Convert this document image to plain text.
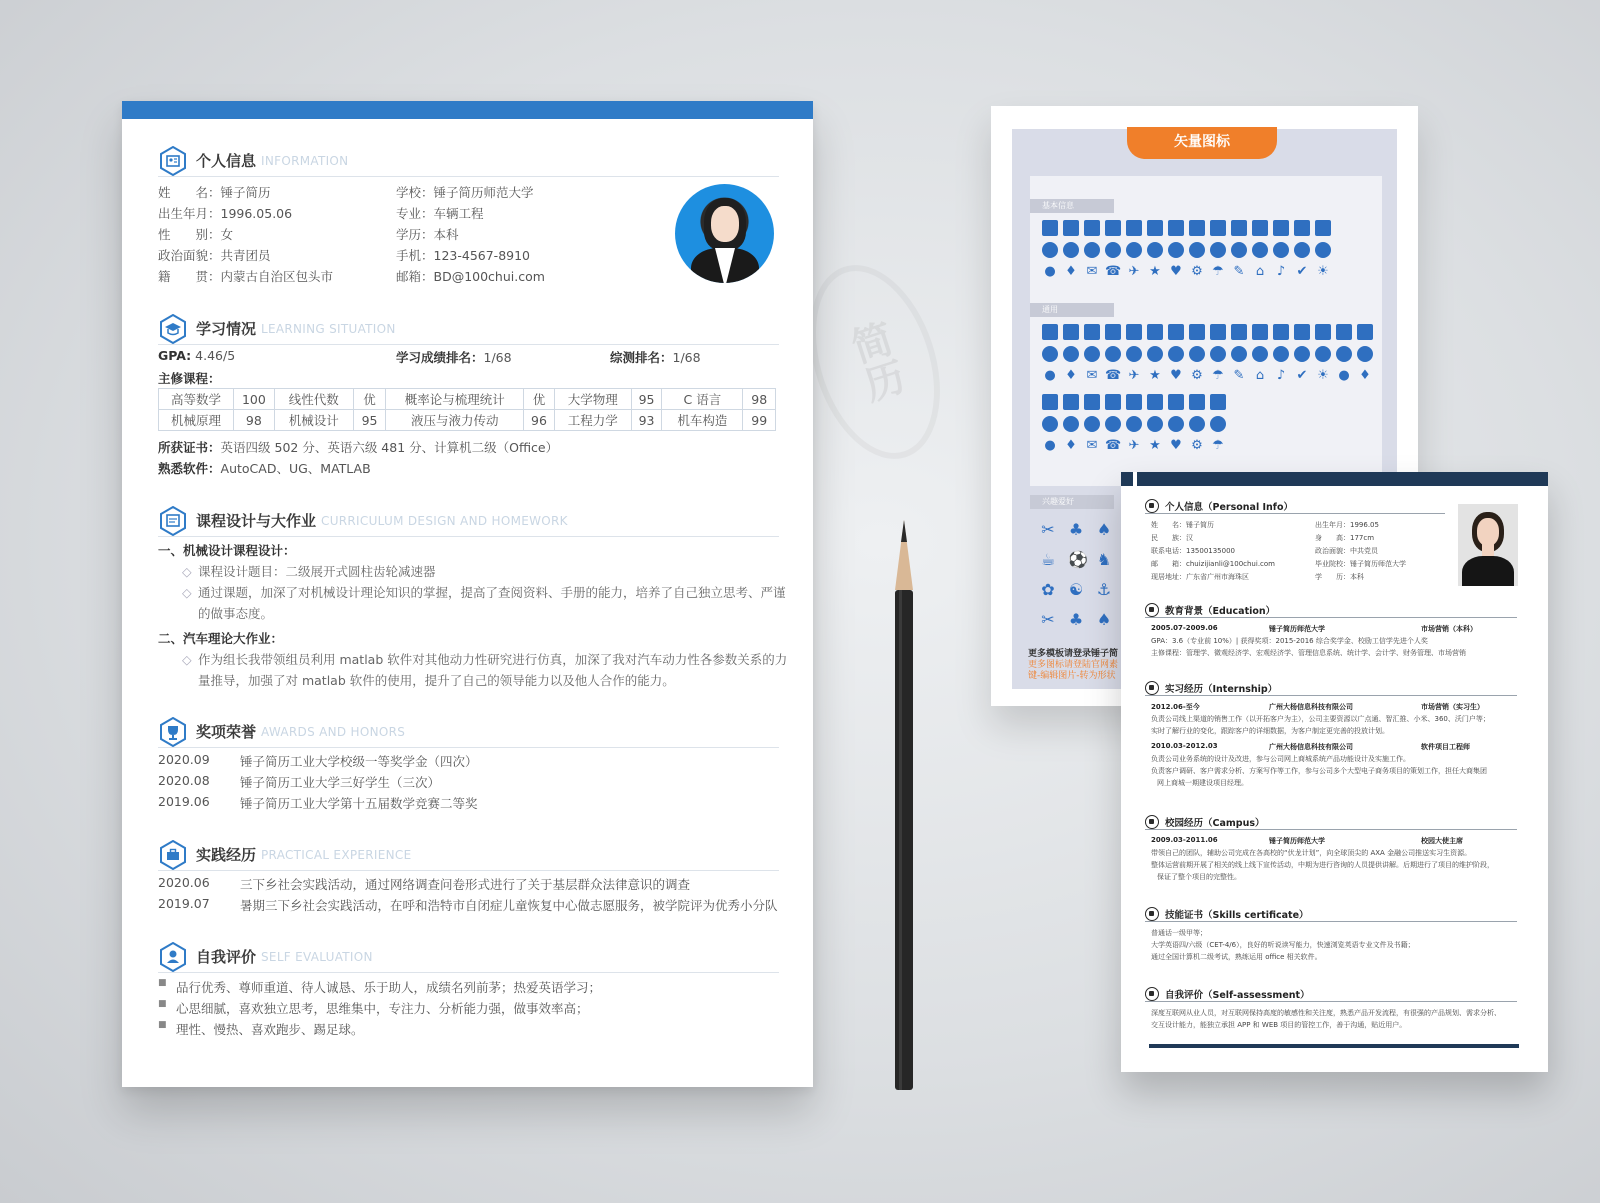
简历
个人信息 INFORMATION
姓　　名：锤子简历
出生年月：1996.05.06
性　　别：女
政治面貌：共青团员
籍　　贯：内蒙古自治区包头市
学校：锤子简历师范大学
专业：车辆工程
学历：本科
手机：123-4567-8910
邮箱：BD@100chui.com
学习情况 LEARNING SITUATION
GPA: 4.46/5	学习成绩排名：1/68	综测排名：1/68
主修课程：
高等数学	100	线性代数	优	概率论与梳理统计	优	大学物理	95	C 语言	98
机械原理	98	机械设计	95	液压与液力传动	96	工程力学	93	机车构造	99
所获证书：英语四级 502 分、英语六级 481 分、计算机二级（Office）
熟悉软件：AutoCAD、UG、MATLAB
课程设计与大作业 CURRICULUM DESIGN AND HOMEWORK
一、机械设计课程设计：
◇ 课程设计题目：二级展开式圆柱齿轮减速器
◇ 通过课题，加深了对机械设计理论知识的掌握，提高了查阅资料、手册的能力，培养了自己独立思考、严谨
的做事态度。
二、汽车理论大作业：
◇ 作为组长我带领组员利用 matlab 软件对其他动力性研究进行仿真，加深了我对汽车动力性各参数关系的力
量推导，加强了对 matlab 软件的使用，提升了自己的领导能力以及他人合作的能力。
奖项荣誉 AWARDS AND HONORS
2020.09 锤子简历工业大学校级一等奖学金（四次）
2020.08 锤子简历工业大学三好学生（三次）
2019.06 锤子简历工业大学第十五届数学竞赛二等奖
实践经历 PRACTICAL EXPERIENCE
2020.06 三下乡社会实践活动，通过网络调查问卷形式进行了关于基层群众法律意识的调查
2019.07 暑期三下乡社会实践活动，在呼和浩特市自闭症儿童恢复中心做志愿服务，被学院评为优秀小分队
自我评价 SELF EVALUATION
■ 品行优秀、尊师重道、待人诚恳、乐于助人，成绩名列前茅；热爱英语学习；
■ 心思细腻，喜欢独立思考，思维集中，专注力、分析能力强，做事效率高；
■ 理性、慢热、喜欢跑步、踢足球。
矢量图标
基本信息
通用
● ♦ ✉ ☎ ✈ ★ ♥ ⚙ ☂ ✎ ⌂ ♪ ✔ ☀
● ♦ ✉ ☎ ✈ ★ ♥ ⚙ ☂ ✎ ⌂ ♪ ✔ ☀ ● ♦
● ♦ ✉ ☎ ✈ ★ ♥ ⚙ ☂
兴趣爱好
✂ ♣ ♠
☕ ⚽ ♞
✿ ☯ ⚓
✂ ♣ ♠
更多模板请登录锤子简
更多图标请登陆官网素
键-编辑图片-转为形状
个人信息（Personal Info）
姓　　名：锤子简历
民　　族：汉
联系电话：13500135000
邮　　箱：chuizijianli@100chui.com
现居地址：广东省广州市海珠区
出生年月：1996.05
身　　高：177cm
政治面貌：中共党员
毕业院校：锤子简历师范大学
学　　历：本科
教育背景（Education）
2005.07-2009.06	锤子简历师范大学	市场营销（本科）
GPA：3.6（专业前 10%）| 获得奖项：2015-2016 综合奖学金、校励工信学先进个人奖
主修课程：管理学、微观经济学、宏观经济学、管理信息系统、统计学、会计学、财务管理、市场营销
实习经历（Internship）
2012.06-至今	广州大杨信息科技有限公司	市场营销（实习生）
负责公司线上渠道的销售工作（以开拓客户为主），公司主要资源以广点通、智汇推、小米、360、沃门户等；
实时了解行业的变化，跟踪客户的详细数据，为客户制定更完善的投放计划。
2010.03-2012.03	广州大杨信息科技有限公司	软件项目工程师
负责公司业务系统的设计及改进，参与公司网上商城系统产品功能设计及实施工作。
负责客户调研、客户需求分析、方案写作等工作，参与公司多个大型电子商务项目的策划工作，担任大商集团
网上商城一期建设项目经理。
校园经历（Campus）
2009.03-2011.06	锤子简历师范大学	校园大使主席
带领自己的团队，辅助公司完成在各高校的“伏龙计划”，向全球顶尖的 AXA 金融公司推送实习生资源。
整体运营前期开展了相关的线上线下宣传活动，中期为进行咨询的人员提供讲解。后期进行了项目的维护阶段，
保证了整个项目的完整性。
技能证书（Skills certificate）
普通话一级甲等；
大学英语四/六级（CET-4/6），良好的听说读写能力，快速浏览英语专业文件及书籍；
通过全国计算机二级考试，熟练运用 office 相关软件。
自我评价（Self-assessment）
深度互联网从业人员，对互联网保持高度的敏感性和关注度，熟悉产品开发流程，有很强的产品规划、需求分析、
交互设计能力，能独立承担 APP 和 WEB 项目的管控工作，善于沟通，贴近用户。
